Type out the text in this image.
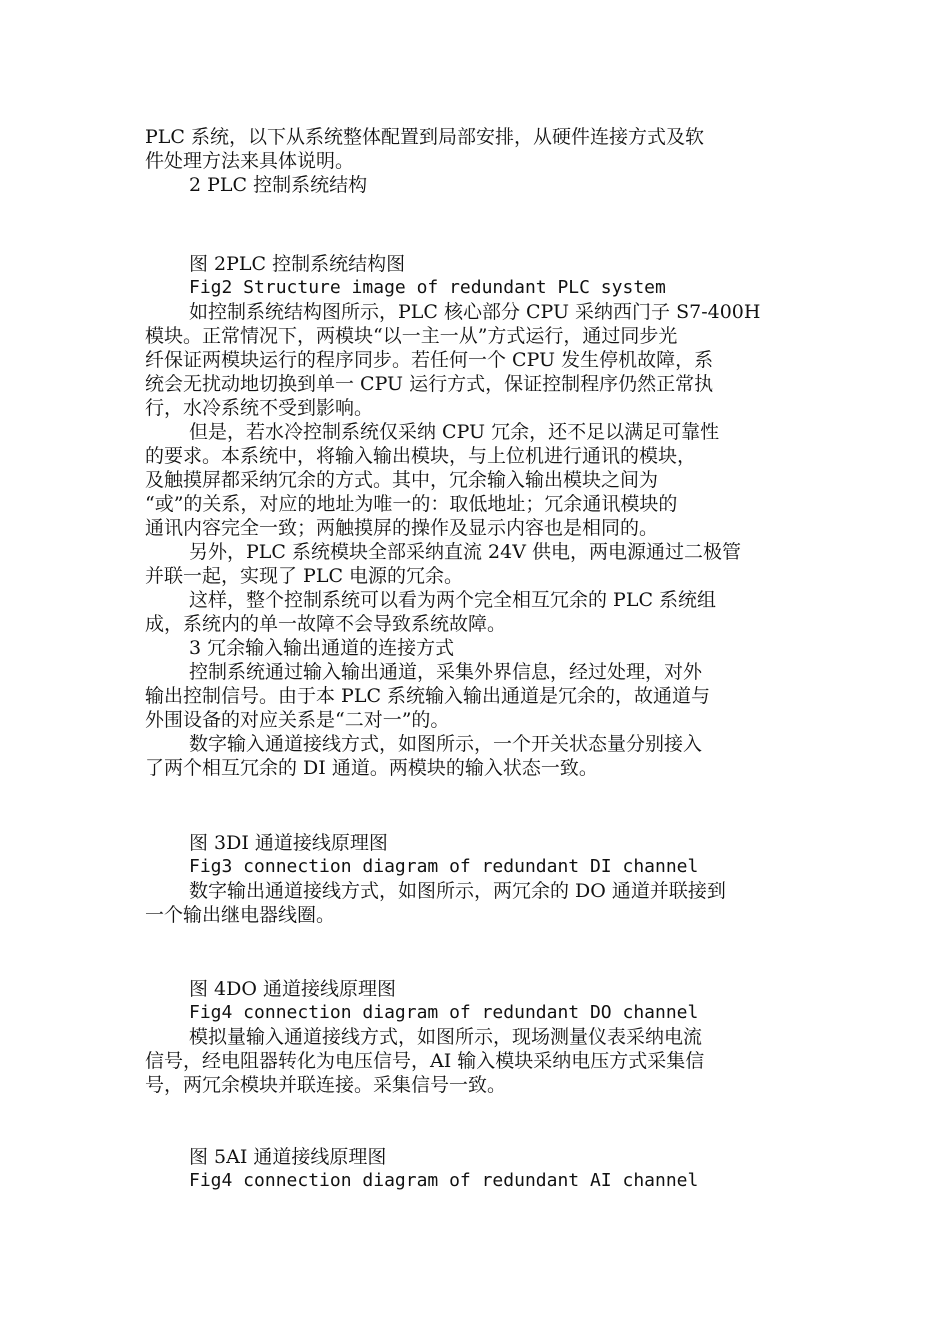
PLC 系统，以下从系统整体配置到局部安排，从硬件连接方式及软
件处理方法来具体说明。
2 PLC 控制系统结构
图 2PLC 控制系统结构图
Fig2 Structure image of redundant PLC system
如控制系统结构图所示，PLC 核心部分 CPU 采纳西门子 S7-400H
模块。正常情况下，两模块“以一主一从”方式运行，通过同步光
纤保证两模块运行的程序同步。若任何一个 CPU 发生停机故障，系
统会无扰动地切换到单一 CPU 运行方式，保证控制程序仍然正常执
行，水冷系统不受到影响。
但是，若水冷控制系统仅采纳 CPU 冗余，还不足以满足可靠性
的要求。本系统中，将输入输出模块，与上位机进行通讯的模块，
及触摸屏都采纳冗余的方式。其中，冗余输入输出模块之间为
“或”的关系，对应的地址为唯一的：取低地址；冗余通讯模块的
通讯内容完全一致；两触摸屏的操作及显示内容也是相同的。
另外，PLC 系统模块全部采纳直流 24V 供电，两电源通过二极管
并联一起，实现了 PLC 电源的冗余。
这样，整个控制系统可以看为两个完全相互冗余的 PLC 系统组
成，系统内的单一故障不会导致系统故障。
3 冗余输入输出通道的连接方式
控制系统通过输入输出通道，采集外界信息，经过处理，对外
输出控制信号。由于本 PLC 系统输入输出通道是冗余的，故通道与
外围设备的对应关系是“二对一”的。
数字输入通道接线方式，如图所示，一个开关状态量分别接入
了两个相互冗余的 DI 通道。两模块的输入状态一致。
图 3DI 通道接线原理图
Fig3 connection diagram of redundant DI channel
数字输出通道接线方式，如图所示，两冗余的 DO 通道并联接到
一个输出继电器线圈。
图 4DO 通道接线原理图
Fig4 connection diagram of redundant DO channel
模拟量输入通道接线方式，如图所示，现场测量仪表采纳电流
信号，经电阻器转化为电压信号，AI 输入模块采纳电压方式采集信
号，两冗余模块并联连接。采集信号一致。
图 5AI 通道接线原理图
Fig4 connection diagram of redundant AI channel
